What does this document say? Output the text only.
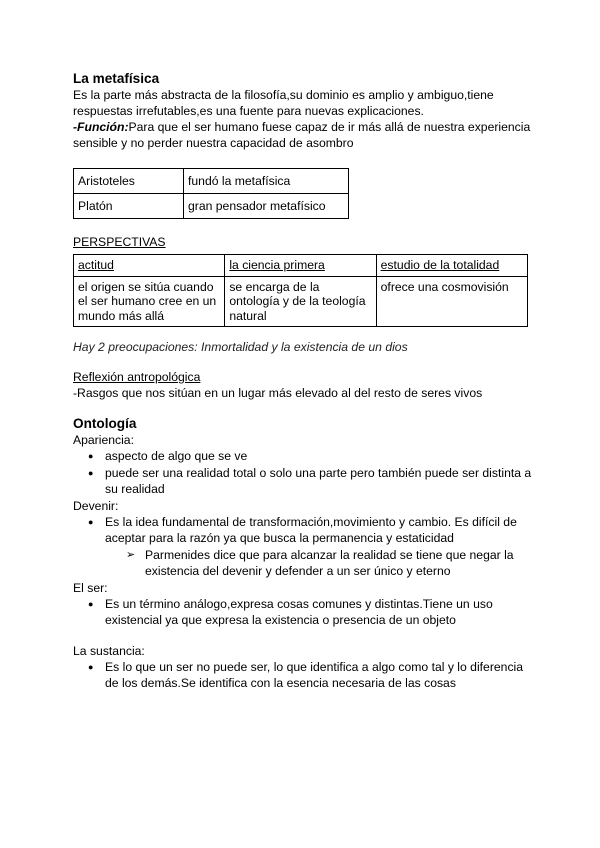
La metafísica

Es la parte más abstracta de la filosofía,su dominio es amplio y ambiguo,tiene respuestas irrefutables,es una fuente para nuevas explicaciones.

-Función:Para que el ser humano fuese capaz de ir más allá de nuestra experiencia sensible y no perder nuestra capacidad de asombro

Aristoteles	fundó la metafísica
Platón	gran pensador metafísico
PERSPECTIVAS
actitud	la ciencia primera	estudio de la totalidad
el origen se sitúa cuando el ser humano cree en un mundo más allá	se encarga de la ontología y de la teología natural	ofrece una cosmovisión
Hay 2 preocupaciones: Inmortalidad y la existencia de un dios
Reflexión antropológica
-Rasgos que nos sitúan en un lugar más elevado al del resto de seres vivos

Ontología

Apariencia:
● aspecto de algo que se ve
● puede ser una realidad total o solo una parte pero también puede ser distinta a su realidad
Devenir:
● Es la idea fundamental de transformación,movimiento y cambio. Es difícil de aceptar para la razón ya que busca la permanencia y estaticidad
➢ Parmenides dice que para alcanzar la realidad se tiene que negar la existencia del devenir y defender a un ser único y eterno
El ser:
● Es un término análogo,expresa cosas comunes y distintas.Tiene un uso existencial ya que expresa la existencia o presencia de un objeto
La sustancia:
● Es lo que un ser no puede ser, lo que identifica a algo como tal y lo diferencia de los demás.Se identifica con la esencia necesaria de las cosas
